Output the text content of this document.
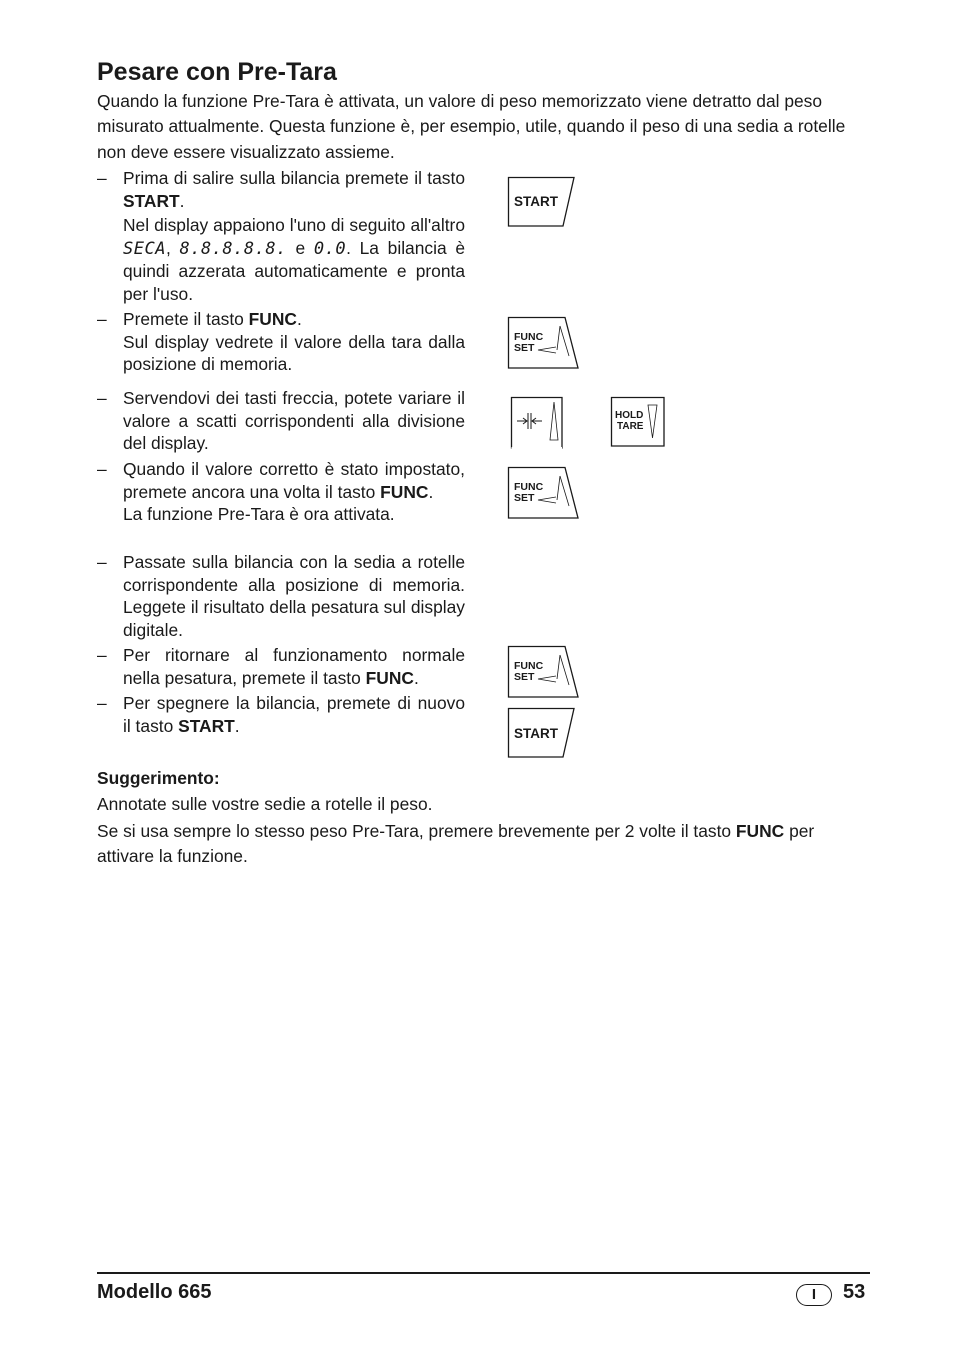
Pesare con Pre-Tara

Quando la funzione Pre-Tara è attivata, un valore di peso memorizzato viene detratto dal peso misurato attualmente. Questa funzione è, per esempio, utile, quando il peso di una sedia a rotelle non deve essere visualizzato assieme.

– Prima di salire sulla bilancia premete il tasto START.

Nel display appaiono l'uno di seguito all'altro SECA, 8.8.8.8.8. e 0.0. La bilancia è quindi azzerata automaticamente e pronta per l'uso.

– Premete il tasto FUNC.

Sul display vedrete il valore della tara dalla posizione di memoria.

– Servendovi dei tasti freccia, potete variare il valore a scatti corrispondenti alla divisione del display.

– Quando il valore corretto è stato impostato, premete ancora una volta il tasto FUNC.

La funzione Pre-Tara è ora attivata.

– Passate sulla bilancia con la sedia a rotelle corrispondente alla posizione di memoria. Leggete il risultato della pesatura sul display digitale.

– Per ritornare al funzionamento normale nella pesatura, premete il tasto FUNC.

– Per spegnere la bilancia, premete di nuovo il tasto START.

START
FUNC
SET
HOLD
TARE
FUNC
SET
FUNC
SET
START
Suggerimento:
Annotate sulle vostre sedie a rotelle il peso.
Se si usa sempre lo stesso peso Pre-Tara, premere brevemente per 2 volte il tasto FUNC per attivare la funzione.
Modello 665	I	53
